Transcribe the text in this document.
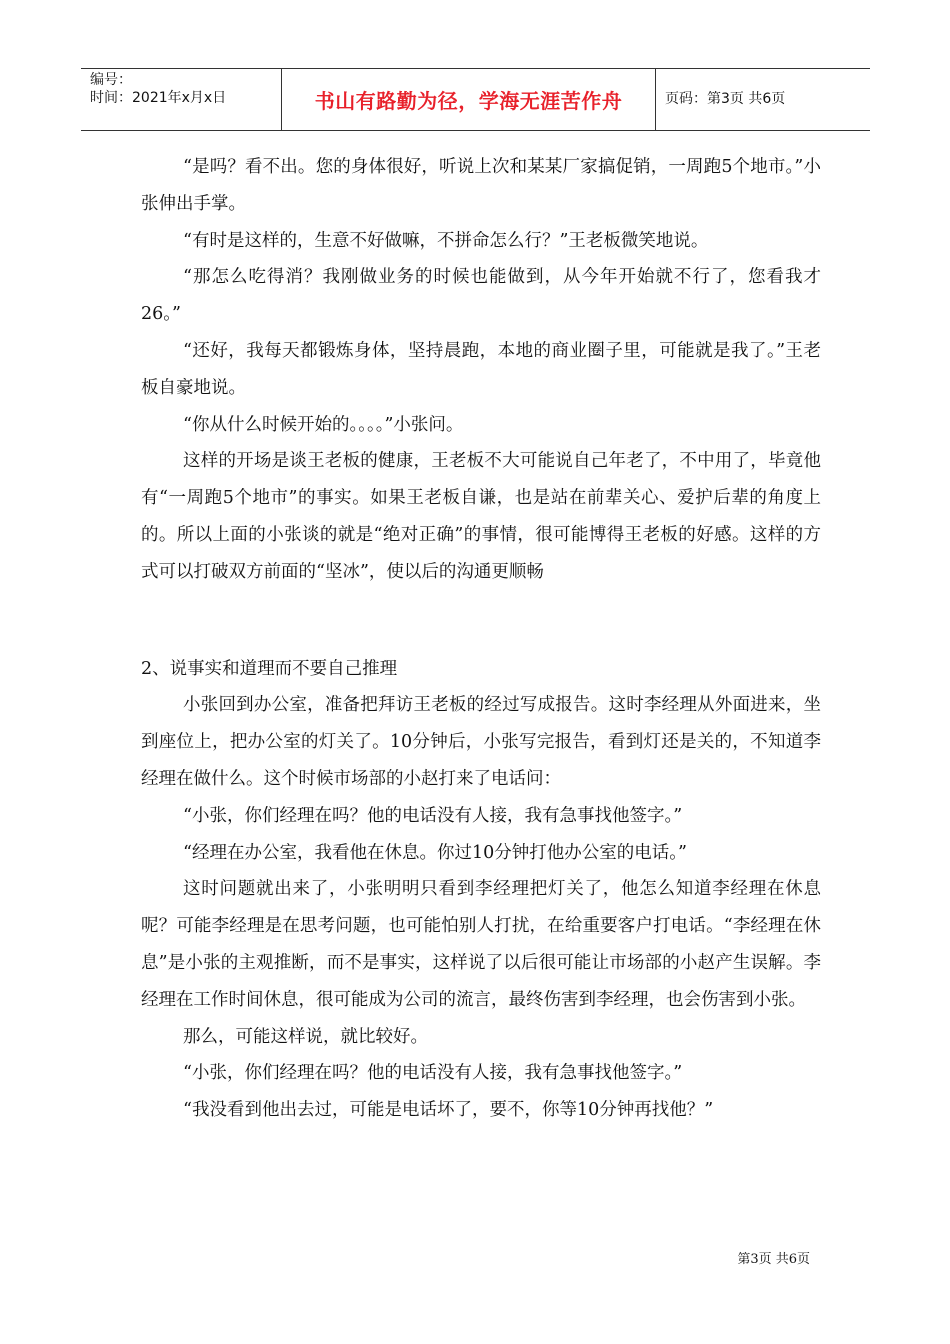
编号：
时间：2021年x月x日	书山有路勤为径，学海无涯苦作舟	页码：第3页 共6页

“是吗？看不出。您的身体很好，听说上次和某某厂家搞促销，一周跑5个地市。”小张伸出手掌。

“有时是这样的，生意不好做嘛，不拼命怎么行？”王老板微笑地说。

“那怎么吃得消？我刚做业务的时候也能做到，从今年开始就不行了，您看我才26。”

“还好，我每天都锻炼身体，坚持晨跑，本地的商业圈子里，可能就是我了。”王老板自豪地说。

“你从什么时候开始的。。。。”小张问。

这样的开场是谈王老板的健康，王老板不大可能说自己年老了，不中用了，毕竟他有“一周跑5个地市”的事实。如果王老板自谦，也是站在前辈关心、爱护后辈的角度上的。所以上面的小张谈的就是“绝对正确”的事情，很可能博得王老板的好感。这样的方式可以打破双方前面的“坚冰”，使以后的沟通更顺畅

2、说事实和道理而不要自己推理

小张回到办公室，准备把拜访王老板的经过写成报告。这时李经理从外面进来，坐到座位上，把办公室的灯关了。10分钟后，小张写完报告，看到灯还是关的，不知道李经理在做什么。这个时候市场部的小赵打来了电话问：

“小张，你们经理在吗？他的电话没有人接，我有急事找他签字。”

“经理在办公室，我看他在休息。你过10分钟打他办公室的电话。”

这时问题就出来了，小张明明只看到李经理把灯关了，他怎么知道李经理在休息呢？可能李经理是在思考问题，也可能怕别人打扰，在给重要客户打电话。“李经理在休息”是小张的主观推断，而不是事实，这样说了以后很可能让市场部的小赵产生误解。李经理在工作时间休息，很可能成为公司的流言，最终伤害到李经理，也会伤害到小张。

那么，可能这样说，就比较好。

“小张，你们经理在吗？他的电话没有人接，我有急事找他签字。”

“我没看到他出去过，可能是电话坏了，要不，你等10分钟再找他？”

第3页 共6页
